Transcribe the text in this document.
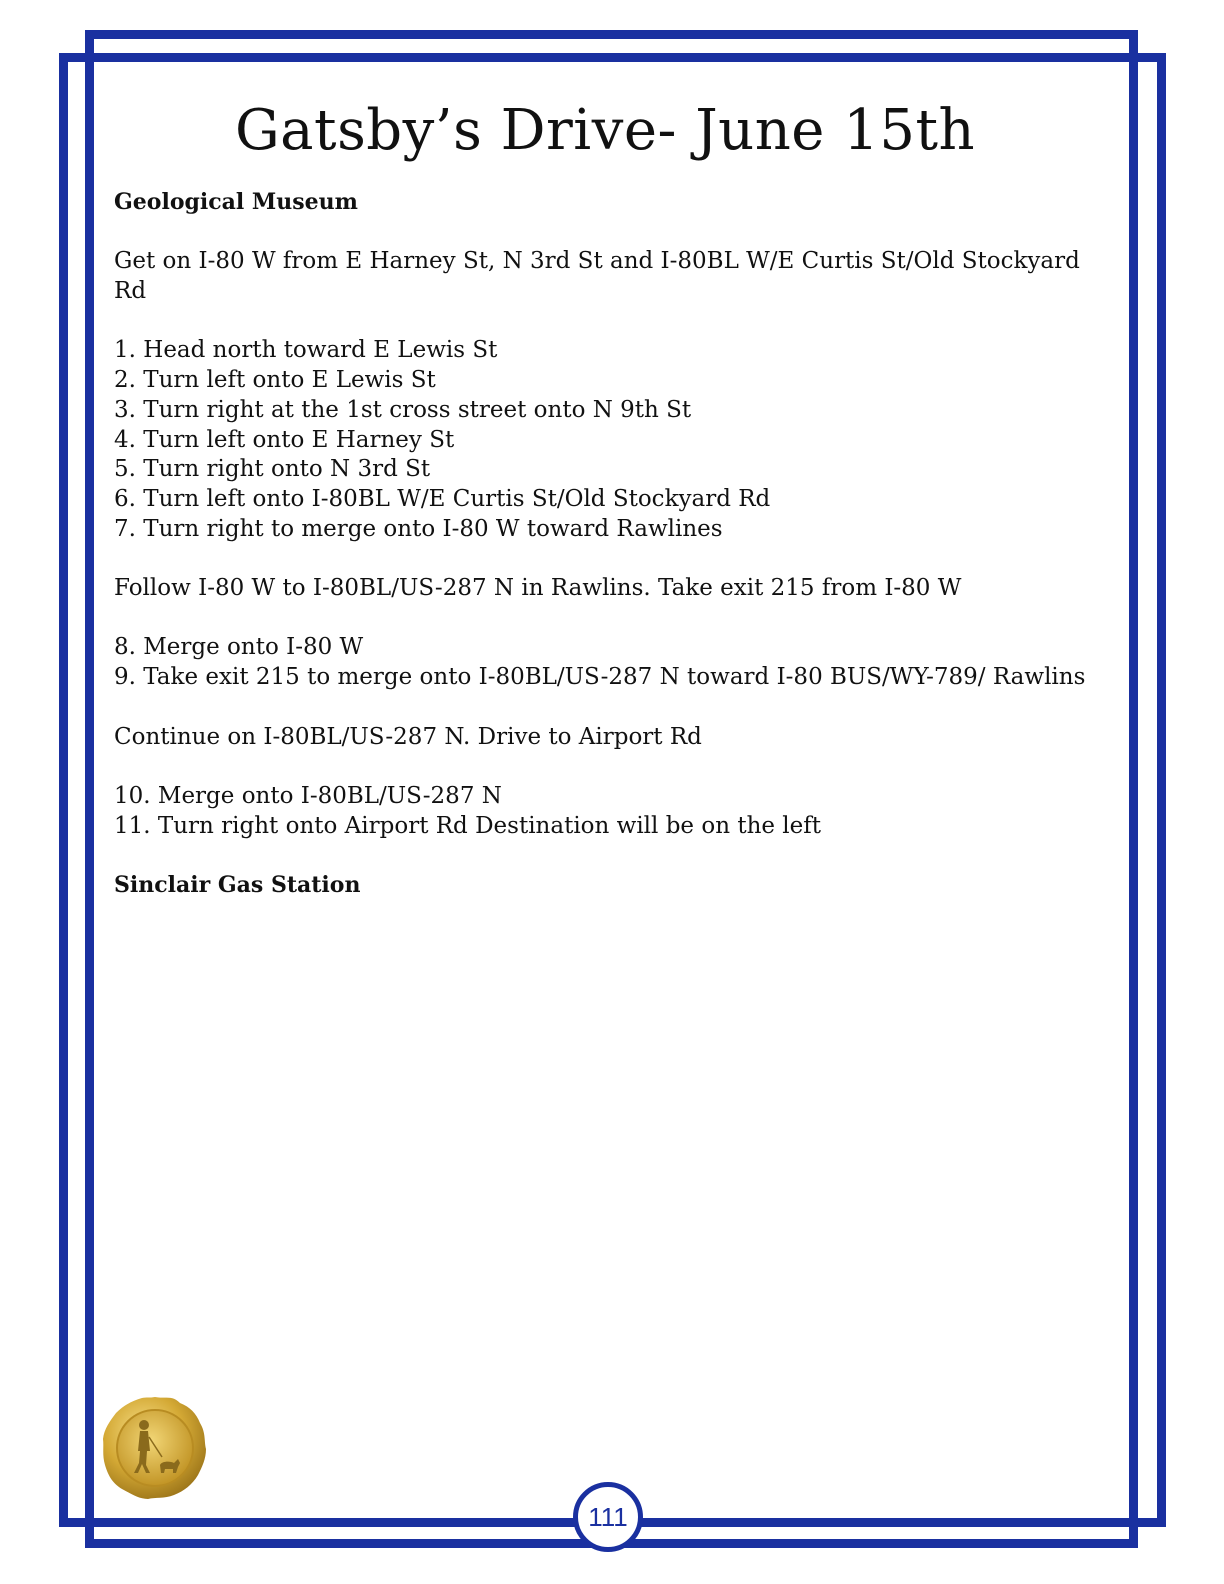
Gatsby’s Drive- June 15th

Geological Museum

Get on I-80 W from E Harney St, N 3rd St and I-80BL W/E Curtis St/Old Stockyard Rd

1. Head north toward E Lewis St

2. Turn left onto E Lewis St

3. Turn right at the 1st cross street onto N 9th St

4. Turn left onto E Harney St

5. Turn right onto N 3rd St

6. Turn left onto I-80BL W/E Curtis St/Old Stockyard Rd

7. Turn right to merge onto I-80 W toward Rawlines

Follow I-80 W to I-80BL/US-287 N in Rawlins. Take exit 215 from I-80 W

8. Merge onto I-80 W

9. Take exit 215 to merge onto I-80BL/US-287 N toward I-80 BUS/WY-789/ Rawlins

Continue on I-80BL/US-287 N. Drive to Airport Rd

10. Merge onto I-80BL/US-287 N

11. Turn right onto Airport Rd Destination will be on the left

Sinclair Gas Station

111
